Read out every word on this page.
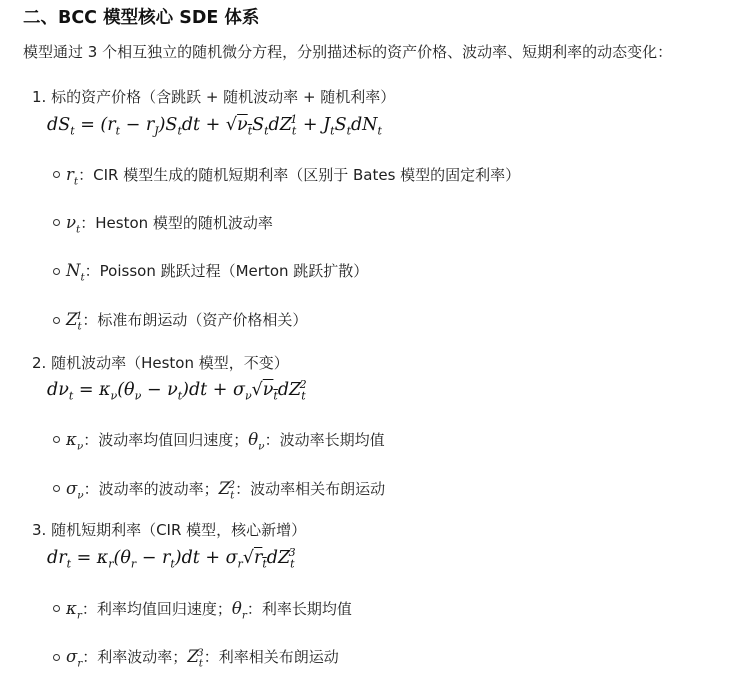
二、BCC 模型核心 SDE 体系
模型通过 3 个相互独立的随机微分方程，分别描述标的资产价格、波动率、短期利率的动态变化：
1. 标的资产价格（含跳跃 + 随机波动率 + 随机利率）
$dS_t = (r_t - r_J)S_tdt + √\nu_tS_tdZ_t^1 + J_tS_tdN_t$
$r_t$：CIR 模型生成的随机短期利率（区别于 Bates 模型的固定利率）
$\nu_t$：Heston 模型的随机波动率
$N_t$：Poisson 跳跃过程（Merton 跳跃扩散）
$Z_t^1$：标准布朗运动（资产价格相关）
2. 随机波动率（Heston 模型，不变）
$d\nu_t = \kappa_\nu(\theta_\nu - \nu_t)dt + \sigma_\nu√\nu_tdZ_t^2$
$\kappa_\nu$：波动率均值回归速度；$\theta_\nu$：波动率长期均值
$\sigma_\nu$：波动率的波动率；$Z_t^2$：波动率相关布朗运动
3. 随机短期利率（CIR 模型，核心新增）
$dr_t = \kappa_r(\theta_r - r_t)dt + \sigma_r√r_tdZ_t^3$
$\kappa_r$：利率均值回归速度；$\theta_r$：利率长期均值
$\sigma_r$：利率波动率；$Z_t^3$：利率相关布朗运动
